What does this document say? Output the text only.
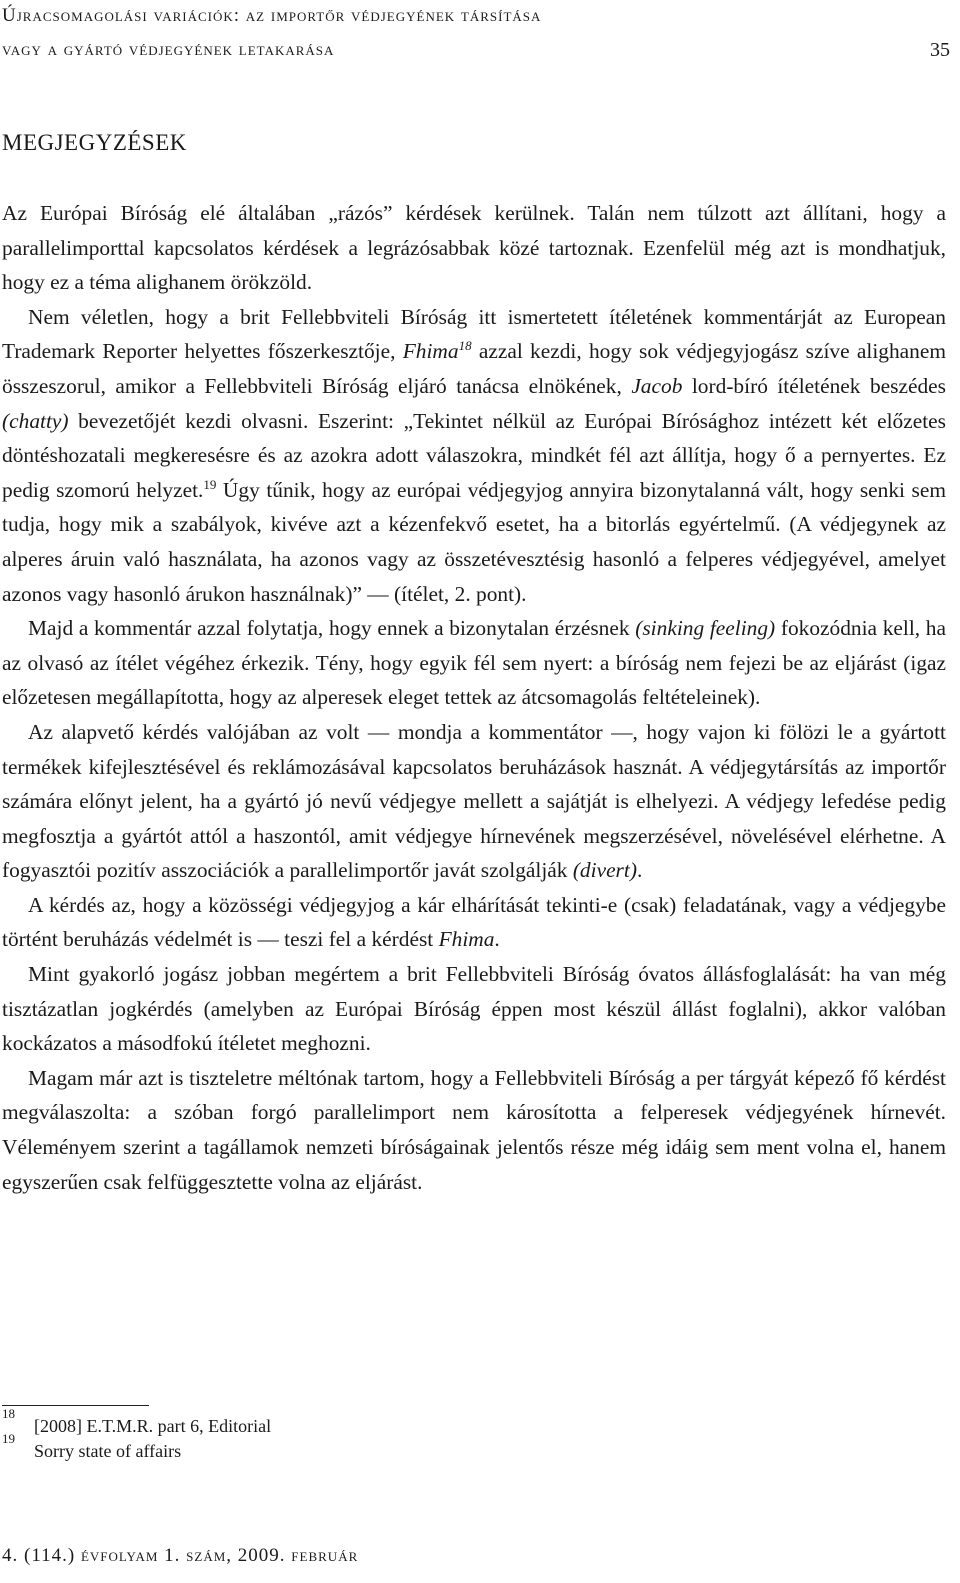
Újracsomagolási variációk: az importőr védjegyének társítása
vagy a gyártó védjegyének letakarása	35
MEGJEGYZÉSEK

Az Európai Bíróság elé általában „rázós” kérdések kerülnek. Talán nem túlzott azt állítani, hogy a parallelimporttal kapcsolatos kérdések a legrázósabbak közé tartoznak. Ezenfelül még azt is mondhatjuk, hogy ez a téma alighanem örökzöld.

Nem véletlen, hogy a brit Fellebbviteli Bíróság itt ismertetett ítéletének kommentárját az European Trademark Reporter helyettes főszerkesztője, Fhima$^{18}$ azzal kezdi, hogy sok védjegyjogász szíve alighanem összeszorul, amikor a Fellebbviteli Bíróság eljáró tanácsa elnökének, Jacob lord-bíró ítéletének beszédes (chatty) bevezetőjét kezdi olvasni. Eszerint: „Tekintet nélkül az Európai Bírósághoz intézett két előzetes döntéshozatali megkeresésre és az azokra adott válaszokra, mindkét fél azt állítja, hogy ő a pernyertes. Ez pedig szomorú helyzet.$^{19}$ Úgy tűnik, hogy az európai védjegyjog annyira bizonytalanná vált, hogy senki sem tudja, hogy mik a szabályok, kivéve azt a kézenfekvő esetet, ha a bitorlás egyértelmű. (A védjegynek az alperes áruin való használata, ha azonos vagy az összetévesztésig hasonló a felperes védjegyével, amelyet azonos vagy hasonló árukon használnak)” — (ítélet, 2. pont).

Majd a kommentár azzal folytatja, hogy ennek a bizonytalan érzésnek (sinking feeling) fokozódnia kell, ha az olvasó az ítélet végéhez érkezik. Tény, hogy egyik fél sem nyert: a bíróság nem fejezi be az eljárást (igaz előzetesen megállapította, hogy az alperesek eleget tettek az átcsomagolás feltételeinek).

Az alapvető kérdés valójában az volt — mondja a kommentátor —, hogy vajon ki fölözi le a gyártott termékek kifejlesztésével és reklámozásával kapcsolatos beruházások hasznát. A védjegytársítás az importőr számára előnyt jelent, ha a gyártó jó nevű védjegye mellett a sajátját is elhelyezi. A védjegy lefedése pedig megfosztja a gyártót attól a haszontól, amit védjegye hírnevének megszerzésével, növelésével elérhetne. A fogyasztói pozitív asszociációk a parallelimportőr javát szolgálják (divert).

A kérdés az, hogy a közösségi védjegyjog a kár elhárítását tekinti-e (csak) feladatának, vagy a védjegybe történt beruházás védelmét is — teszi fel a kérdést Fhima.

Mint gyakorló jogász jobban megértem a brit Fellebbviteli Bíróság óvatos állásfoglalását: ha van még tisztázatlan jogkérdés (amelyben az Európai Bíróság éppen most készül állást foglalni), akkor valóban kockázatos a másodfokú ítéletet meghozni.

Magam már azt is tiszteletre méltónak tartom, hogy a Fellebbviteli Bíróság a per tárgyát képező fő kérdést megválaszolta: a szóban forgó parallelimport nem károsította a felperesek védjegyének hírnevét. Véleményem szerint a tagállamok nemzeti bíróságainak jelentős része még idáig sem ment volna el, hanem egyszerűen csak felfüggesztette volna az eljárást.

18
[2008] E.T.M.R. part 6, Editorial
19
Sorry state of affairs
4. (114.) évfolyam 1. szám, 2009. február
